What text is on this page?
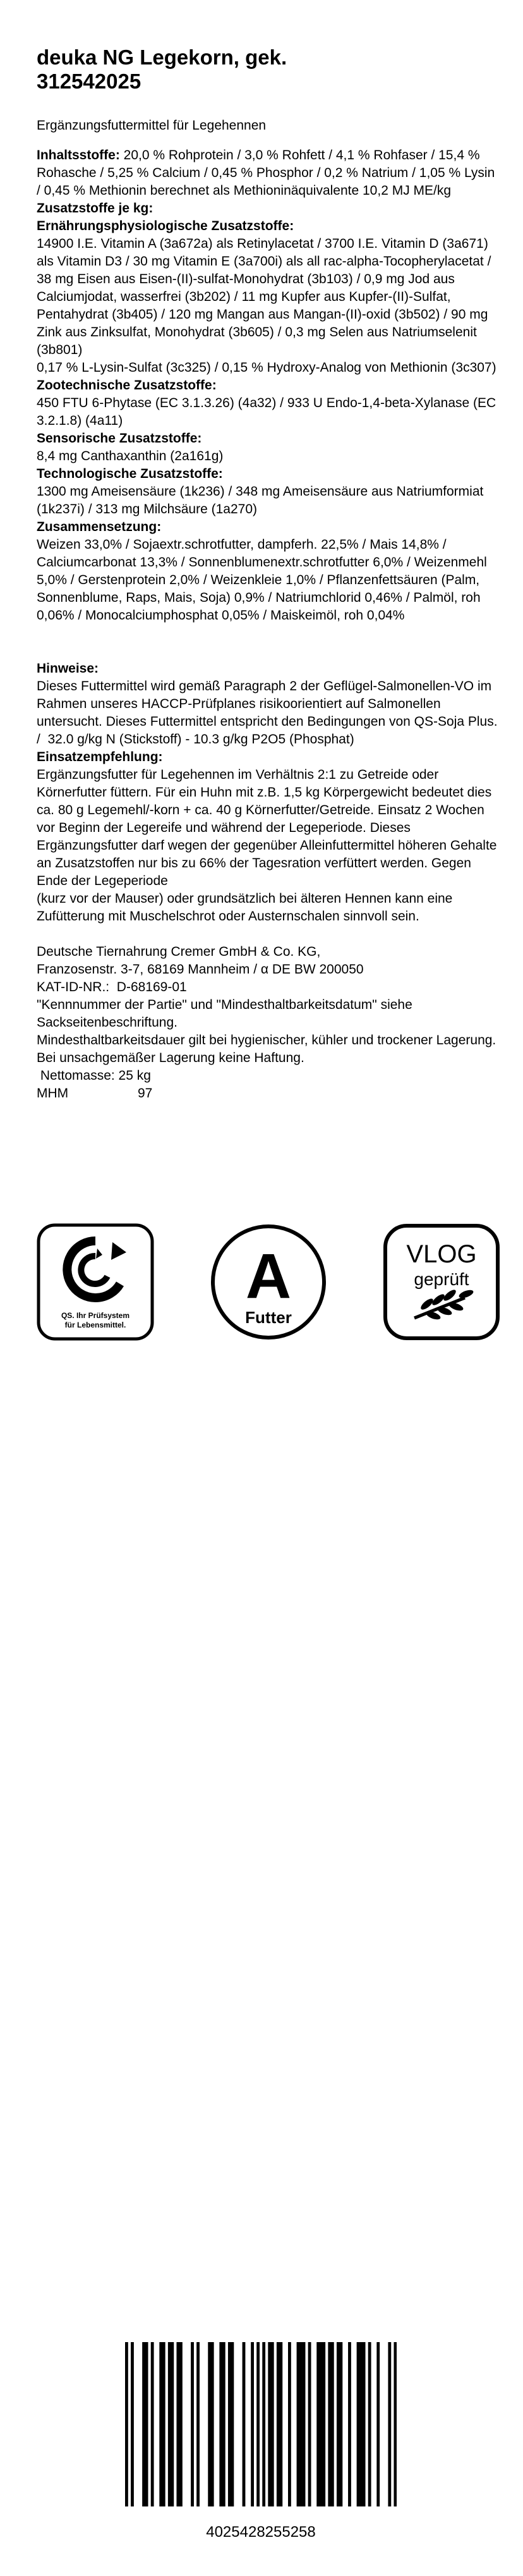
deuka NG Legekorn, gek.
312542025
Ergänzungsfuttermittel für Legehennen

Inhaltsstoffe: 20,0 % Rohprotein / 3,0 % Rohfett / 4,1 % Rohfaser / 15,4 % Rohasche / 5,25 % Calcium / 0,45 % Phosphor / 0,2 % Natrium / 1,05 % Lysin / 0,45 % Methionin berechnet als Methioninäquivalente 10,2 MJ ME/kg

Zusatzstoffe je kg:

Ernährungsphysiologische Zusatzstoffe:

14900 I.E. Vitamin A (3a672a) als Retinylacetat / 3700 I.E. Vitamin D (3a671) als Vitamin D3 / 30 mg Vitamin E (3a700i) als all rac-alpha-Tocopherylacetat /  38 mg Eisen aus Eisen-(II)-sulfat-Monohydrat (3b103) / 0,9 mg Jod aus Calciumjodat, wasserfrei (3b202) / 11 mg Kupfer aus Kupfer-(II)-Sulfat, Pentahydrat (3b405) / 120 mg Mangan aus Mangan-(II)-oxid (3b502) / 90 mg Zink aus Zinksulfat, Monohydrat (3b605) / 0,3 mg Selen aus Natriumselenit (3b801)

0,17 % L-Lysin-Sulfat (3c325) / 0,15 % Hydroxy-Analog von Methionin (3c307)

Zootechnische Zusatzstoffe:

450 FTU 6-Phytase (EC 3.1.3.26) (4a32) / 933 U Endo-1,4-beta-Xylanase (EC 3.2.1.8) (4a11)

Sensorische Zusatzstoffe:

8,4 mg Canthaxanthin (2a161g)

Technologische Zusatzstoffe:

1300 mg Ameisensäure (1k236) / 348 mg Ameisensäure aus Natriumformiat (1k237i) / 313 mg Milchsäure (1a270)

Zusammensetzung:

Weizen 33,0% / Sojaextr.schrotfutter, dampferh. 22,5% / Mais 14,8% / Calciumcarbonat 13,3% / Sonnenblumenextr.schrotfutter 6,0% / Weizenmehl 5,0% / Gerstenprotein 2,0% / Weizenkleie 1,0% / Pflanzenfettsäuren (Palm, Sonnenblume, Raps, Mais, Soja) 0,9% / Natriumchlorid 0,46% / Palmöl, roh 0,06% / Monocalciumphosphat 0,05% / Maiskeimöl, roh 0,04%

Hinweise:

Dieses Futtermittel wird gemäß Paragraph 2 der Geflügel-Salmonellen-VO im Rahmen unseres HACCP-Prüfplanes risikoorientiert auf Salmonellen untersucht. Dieses Futtermittel entspricht den Bedingungen von QS-Soja Plus. /  32.0 g/kg N (Stickstoff) - 10.3 g/kg P2O5 (Phosphat)

Einsatzempfehlung:

Ergänzungsfutter für Legehennen im Verhältnis 2:1 zu Getreide oder Körnerfutter füttern. Für ein Huhn mit z.B. 1,5 kg Körpergewicht bedeutet dies ca. 80 g Legemehl/-korn + ca. 40 g Körnerfutter/Getreide. Einsatz 2 Wochen vor Beginn der Legereife und während der Legeperiode. Dieses Ergänzungsfutter darf wegen der gegenüber Alleinfuttermittel höheren Gehalte an Zusatzstoffen nur bis zu 66% der Tagesration verfüttert werden. Gegen Ende der Legeperiode
(kurz vor der Mauser) oder grundsätzlich bei älteren Hennen kann eine Zufütterung mit Muschelschrot oder Austernschalen sinnvoll sein.

Deutsche Tiernahrung Cremer GmbH & Co. KG,

Franzosenstr. 3-7, 68169 Mannheim / α DE BW 200050

KAT-ID-NR.:  D-68169-01

"Kennnummer der Partie" und "Mindesthaltbarkeitsdatum" siehe Sackseitenbeschriftung.
Mindesthaltbarkeitsdauer gilt bei hygienischer, kühler und trockener Lagerung. Bei unsachgemäßer Lagerung keine Haftung.

Nettomasse: 25 kg

MHM	97
QS. Ihr Prüfsystem
für Lebensmittel.
A
Futter
VLOG
geprüft
4025428255258
